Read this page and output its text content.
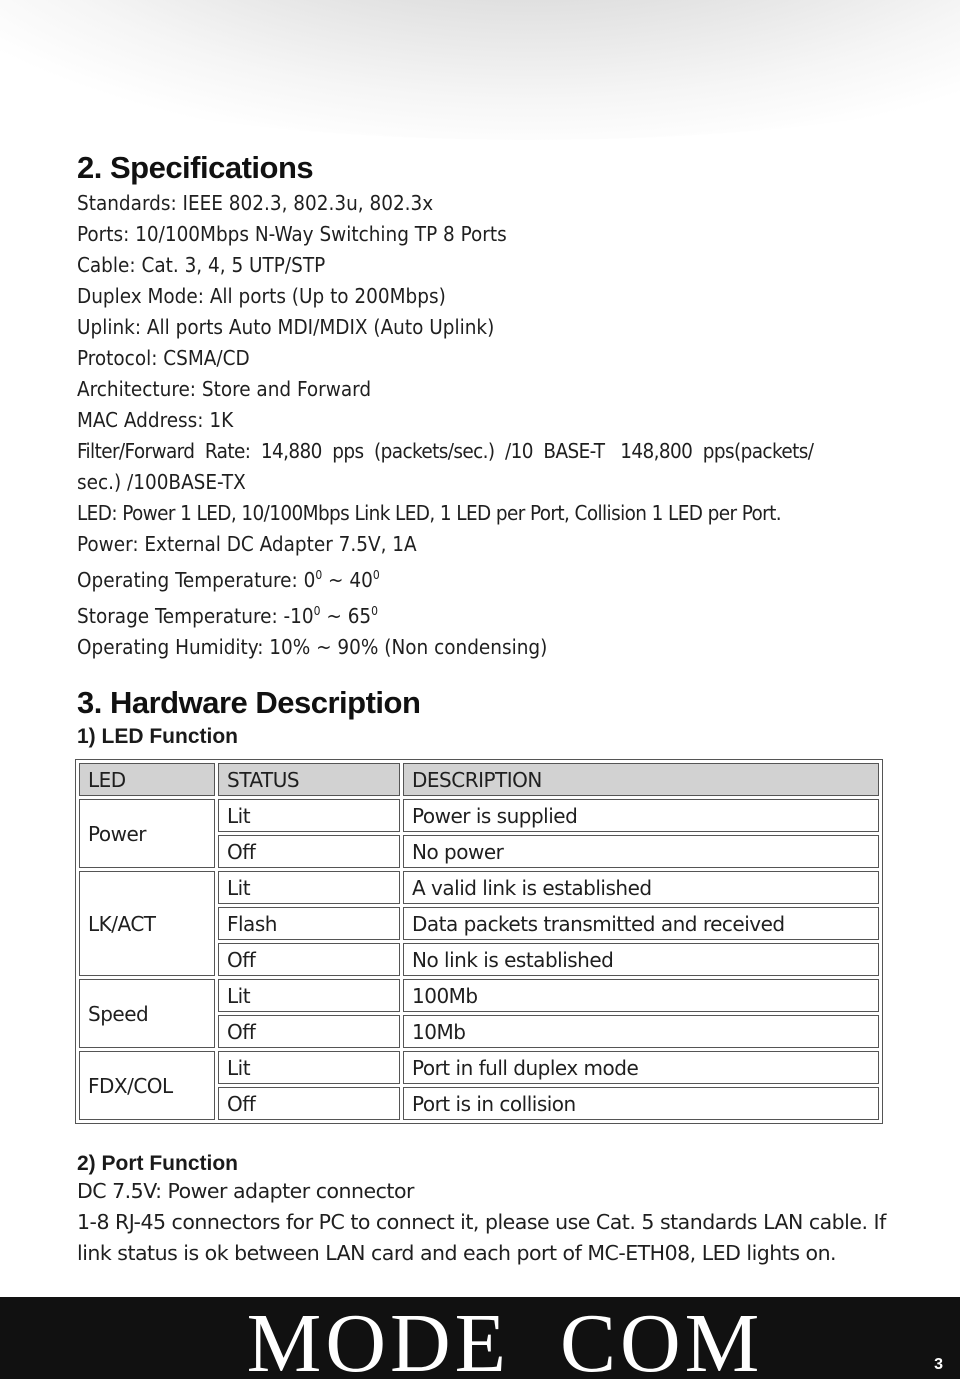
2. Specifications
Standards: IEEE 802.3, 802.3u, 802.3x
Ports: 10/100Mbps N-Way Switching TP 8 Ports
Cable: Cat. 3, 4, 5 UTP/STP
Duplex Mode: All ports (Up to 200Mbps)
Uplink: All ports Auto MDI/MDIX (Auto Uplink)
Protocol: CSMA/CD
Architecture: Store and Forward
MAC Address: 1K
Filter/Forward  Rate:  14,880  pps  (packets/sec.)  /10  BASE-T   148,800  pps(packets/
sec.) /100BASE-TX
LED: Power 1 LED, 10/100Mbps Link LED, 1 LED per Port, Collision 1 LED per Port.
Power: External DC Adapter 7.5V, 1A
Operating Temperature: $0^0$ ~ $40^0$
Storage Temperature: $-10^0$ ~ $65^0$
Operating Humidity: 10% ~ 90% (Non condensing)
3. Hardware Description
1) LED Function
LED	STATUS	DESCRIPTION
Power	Lit	Power is supplied
	Off	No power
LK/ACT	Lit	A valid link is established
	Flash	Data packets transmitted and received
	Off	No link is established
Speed	Lit	100Mb
	Off	10Mb
FDX/COL	Lit	Port in full duplex mode
	Off	Port is in collision
2) Port Function
DC 7.5V: Power adapter connector
1-8 RJ-45 connectors for PC to connect it, please use Cat. 5 standards LAN cable. If
link status is ok between LAN card and each port of MC-ETH08, LED lights on.
MODE  COM	3
